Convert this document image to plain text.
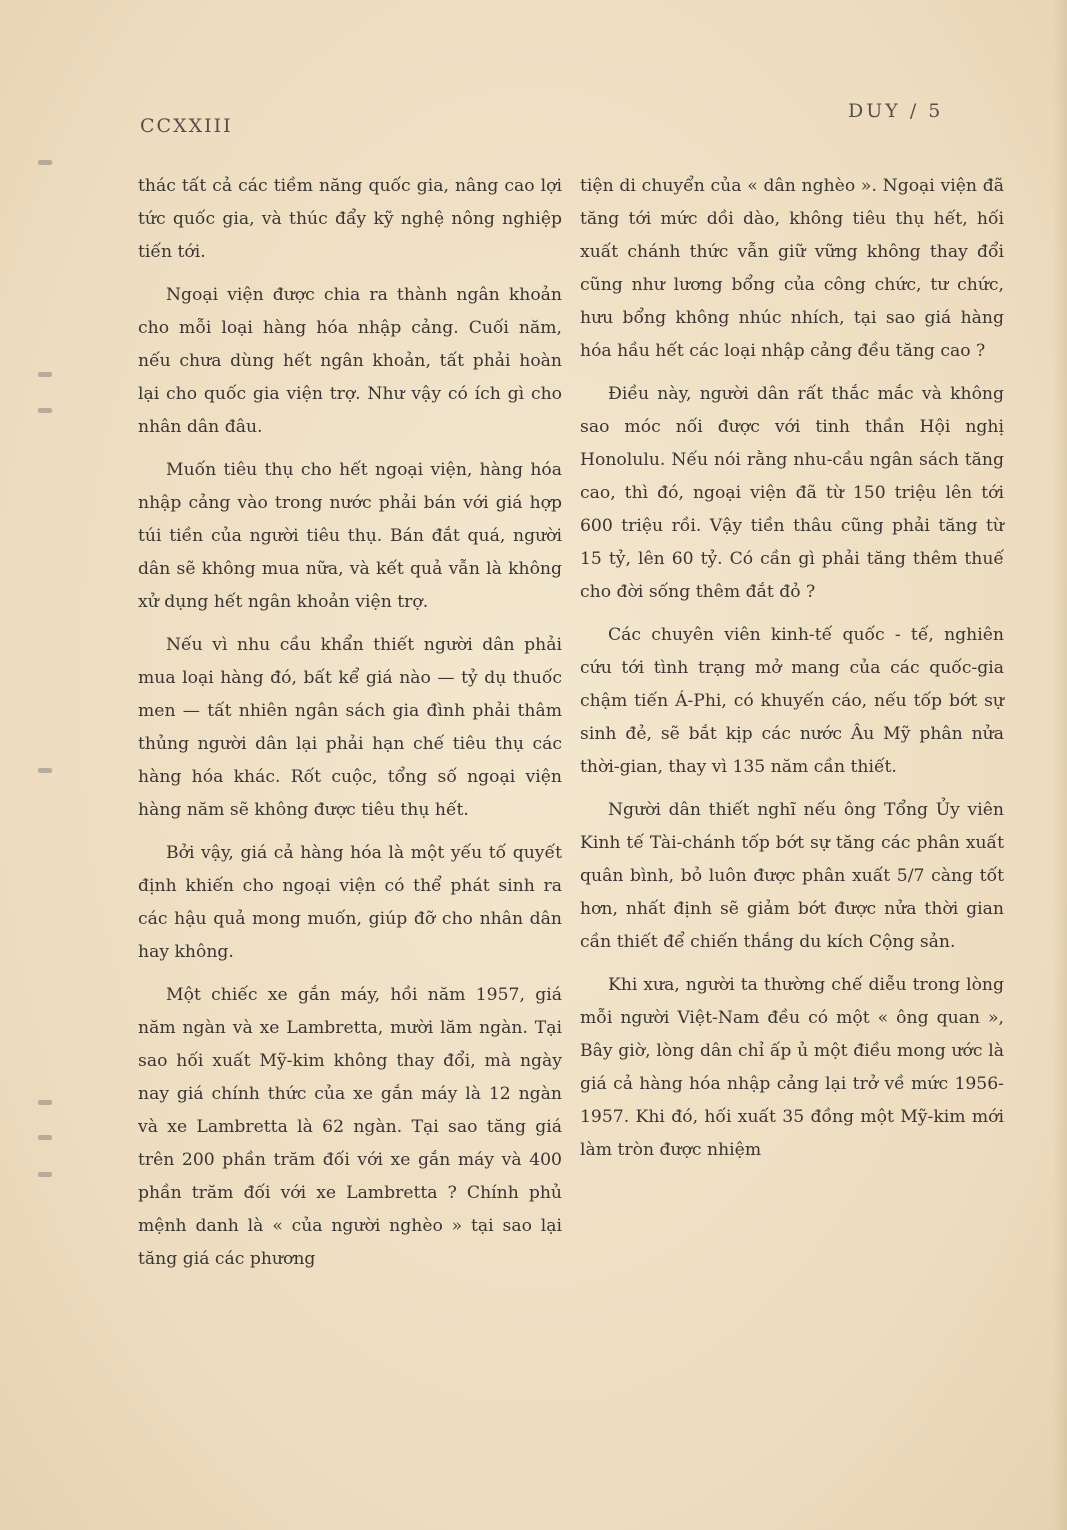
CCXXIII
DUY / 5

thác tất cả các tiềm năng quốc gia, nâng cao lợi tức quốc gia, và thúc đẩy kỹ nghệ nông nghiệp tiến tới.

Ngoại viện được chia ra thành ngân khoản cho mỗi loại hàng hóa nhập cảng. Cuối năm, nếu chưa dùng hết ngân khoản, tất phải hoàn lại cho quốc gia viện trợ. Như vậy có ích gì cho nhân dân đâu.

Muốn tiêu thụ cho hết ngoại viện, hàng hóa nhập cảng vào trong nước phải bán với giá hợp túi tiền của người tiêu thụ. Bán đắt quá, người dân sẽ không mua nữa, và kết quả vẫn là không xử dụng hết ngân khoản viện trợ.

Nếu vì nhu cầu khẩn thiết người dân phải mua loại hàng đó, bất kể giá nào — tỷ dụ thuốc men — tất nhiên ngân sách gia đình phải thâm thủng người dân lại phải hạn chế tiêu thụ các hàng hóa khác. Rốt cuộc, tổng số ngoại viện hàng năm sẽ không được tiêu thụ hết.

Bởi vậy, giá cả hàng hóa là một yếu tố quyết định khiến cho ngoại viện có thể phát sinh ra các hậu quả mong muốn, giúp đỡ cho nhân dân hay không.

Một chiếc xe gắn máy, hồi năm 1957, giá năm ngàn và xe Lambretta, mười lăm ngàn. Tại sao hối xuất Mỹ-kim không thay đổi, mà ngày nay giá chính thức của xe gắn máy là 12 ngàn và xe Lambretta là 62 ngàn. Tại sao tăng giá trên 200 phần trăm đối với xe gắn máy và 400 phần trăm đối với xe Lambretta ? Chính phủ mệnh danh là « của người nghèo » tại sao lại tăng giá các phương

tiện di chuyển của « dân nghèo ». Ngoại viện đã tăng tới mức dồi dào, không tiêu thụ hết, hối xuất chánh thức vẫn giữ vững không thay đổi cũng như lương bổng của công chức, tư chức, hưu bổng không nhúc nhích, tại sao giá hàng hóa hầu hết các loại nhập cảng đều tăng cao ?

Điều này, người dân rất thắc mắc và không sao móc nối được với tinh thần Hội nghị Honolulu. Nếu nói rằng nhu-cầu ngân sách tăng cao, thì đó, ngoại viện đã từ 150 triệu lên tới 600 triệu rồi. Vậy tiền thâu cũng phải tăng từ 15 tỷ, lên 60 tỷ. Có cần gì phải tăng thêm thuế cho đời sống thêm đắt đỏ ?

Các chuyên viên kinh-tế quốc - tế, nghiên cứu tới tình trạng mở mang của các quốc-gia chậm tiến Á-Phi, có khuyến cáo, nếu tốp bớt sự sinh đẻ, sẽ bắt kịp các nước Âu Mỹ phân nửa thời-gian, thay vì 135 năm cần thiết.

Người dân thiết nghĩ nếu ông Tổng Ủy viên Kinh tế Tài-chánh tốp bớt sự tăng các phân xuất quân bình, bỏ luôn được phân xuất 5/7 càng tốt hơn, nhất định sẽ giảm bớt được nửa thời gian cần thiết để chiến thắng du kích Cộng sản.

Khi xưa, người ta thường chế diễu trong lòng mỗi người Việt-Nam đều có một « ông quan », Bây giờ, lòng dân chỉ ấp ủ một điều mong ước là giá cả hàng hóa nhập cảng lại trở về mức 1956-1957. Khi đó, hối xuất 35 đồng một Mỹ-kim mới làm tròn được nhiệm
